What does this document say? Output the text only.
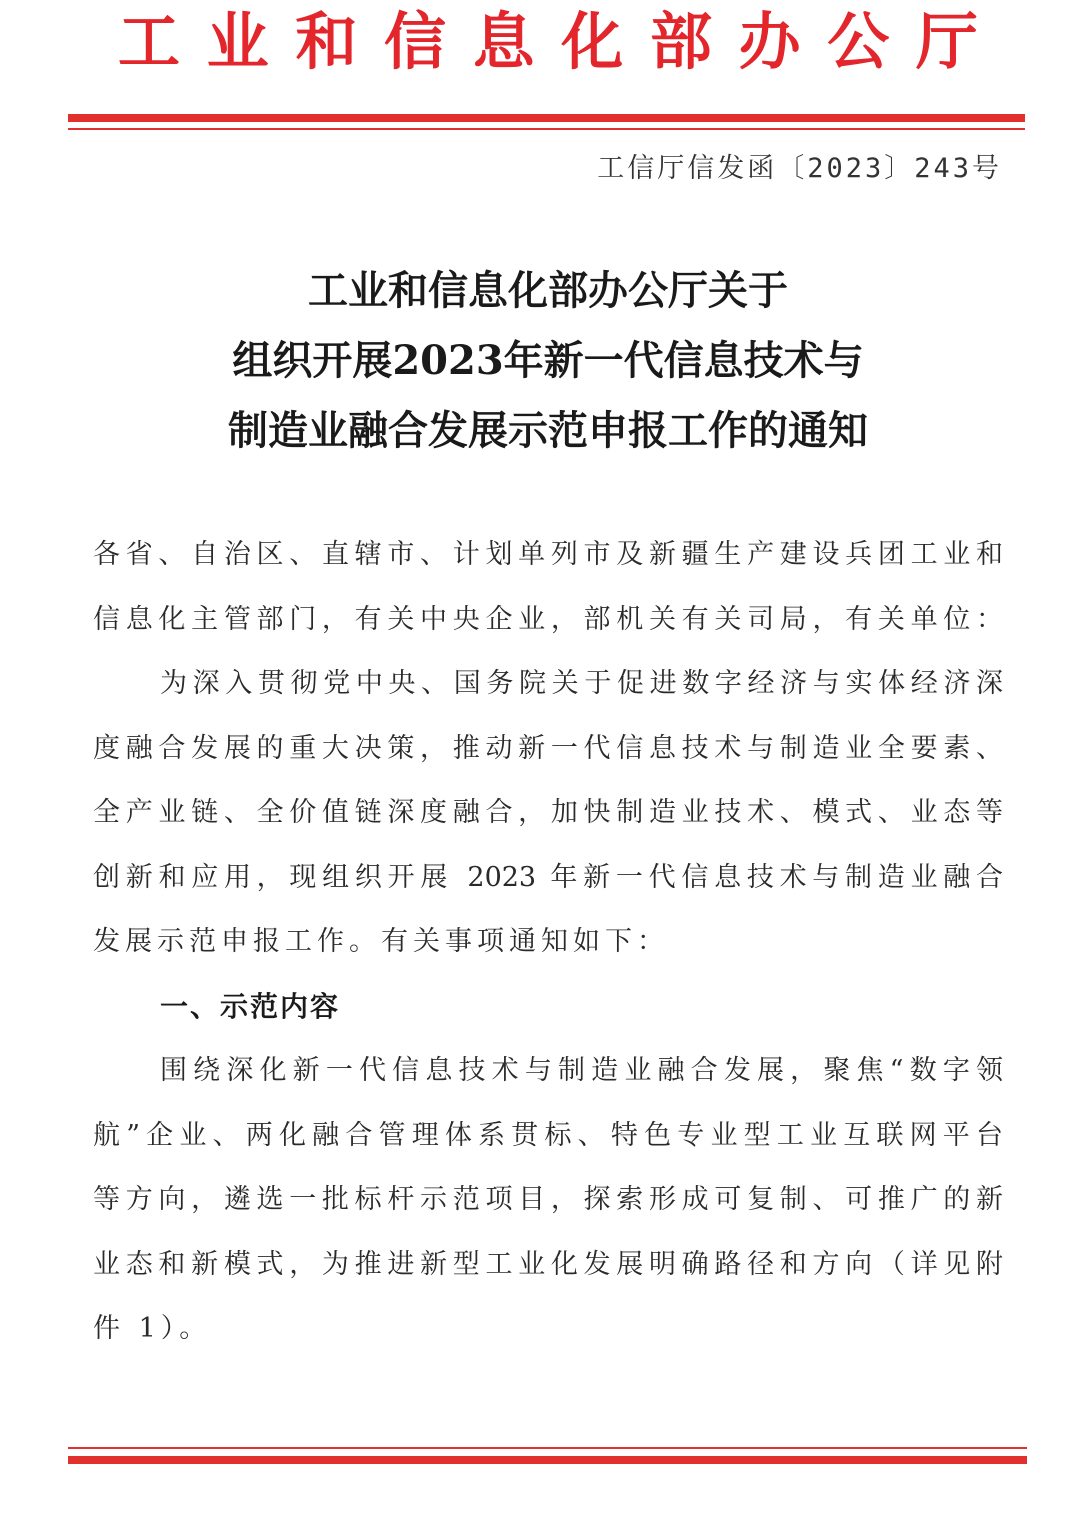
工 业 和 信 息 化 部 办 公 厅
工信厅信发函〔2023〕243号
工业和信息化部办公厅关于
组织开展2023年新一代信息技术与
制造业融合发展示范申报工作的通知
各省、自治区、直辖市、计划单列市及新疆生产建设兵团工业和
信息化主管部门，有关中央企业，部机关有关司局，有关单位：
为深入贯彻党中央、国务院关于促进数字经济与实体经济深
度融合发展的重大决策，推动新一代信息技术与制造业全要素、
全产业链、全价值链深度融合，加快制造业技术、模式、业态等
创新和应用，现组织开展 2023 年新一代信息技术与制造业融合
发展示范申报工作。有关事项通知如下：
一、示范内容
围绕深化新一代信息技术与制造业融合发展，聚焦“数字领
航”企业、两化融合管理体系贯标、特色专业型工业互联网平台
等方向，遴选一批标杆示范项目，探索形成可复制、可推广的新
业态和新模式，为推进新型工业化发展明确路径和方向（详见附
件 1）。
